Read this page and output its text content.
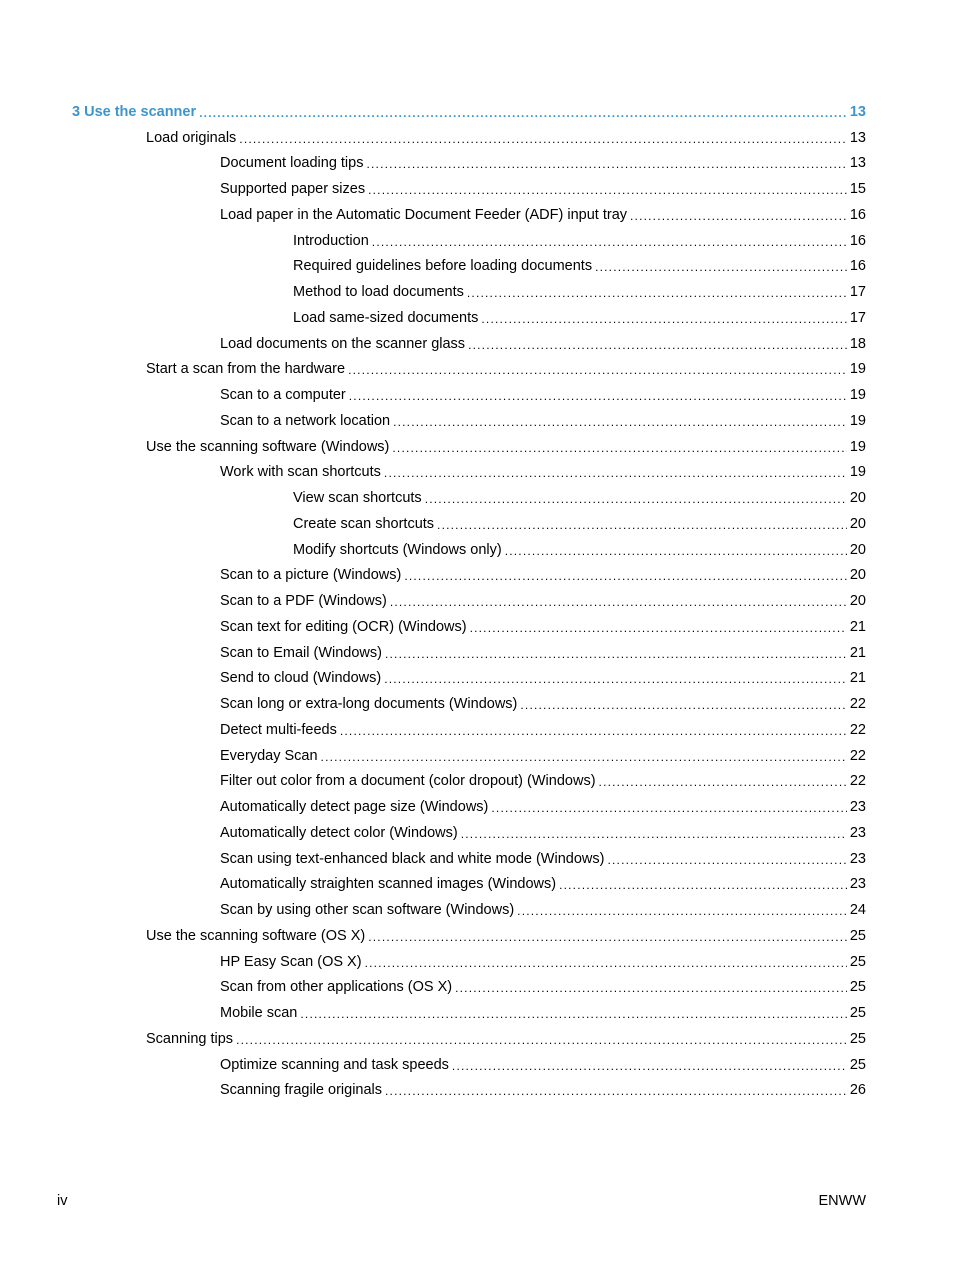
3 Use the scanner .....	13
Load originals .....	13
Document loading tips .....	13
Supported paper sizes .....	15
Load paper in the Automatic Document Feeder (ADF) input tray .....	16
Introduction .....	16
Required guidelines before loading documents .....	16
Method to load documents .....	17
Load same-sized documents .....	17
Load documents on the scanner glass .....	18
Start a scan from the hardware .....	19
Scan to a computer .....	19
Scan to a network location .....	19
Use the scanning software (Windows) .....	19
Work with scan shortcuts .....	19
View scan shortcuts .....	20
Create scan shortcuts .....	20
Modify shortcuts (Windows only) .....	20
Scan to a picture (Windows) .....	20
Scan to a PDF (Windows) .....	20
Scan text for editing (OCR) (Windows) .....	21
Scan to Email (Windows) .....	21
Send to cloud (Windows) .....	21
Scan long or extra-long documents (Windows) .....	22
Detect multi-feeds .....	22
Everyday Scan .....	22
Filter out color from a document (color dropout) (Windows) .....	22
Automatically detect page size (Windows) .....	23
Automatically detect color (Windows) .....	23
Scan using text-enhanced black and white mode (Windows) .....	23
Automatically straighten scanned images (Windows) .....	23
Scan by using other scan software (Windows) .....	24
Use the scanning software (OS X) .....	25
HP Easy Scan (OS X) .....	25
Scan from other applications (OS X) .....	25
Mobile scan .....	25
Scanning tips .....	25
Optimize scanning and task speeds .....	25
Scanning fragile originals .....	26
iv	ENWW
